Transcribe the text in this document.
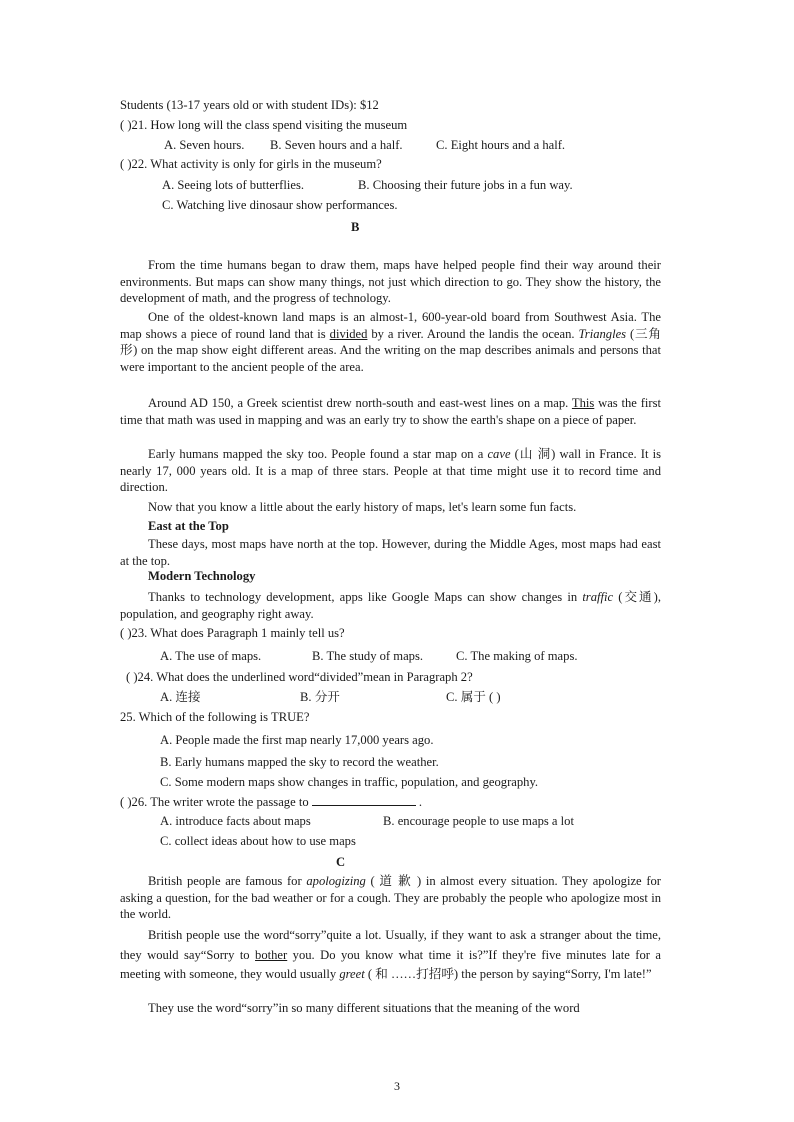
Students (13-17 years old or with student IDs): $12
( )21. How long will the class spend visiting the museum
A. Seven hours. B. Seven hours and a half.	C. Eight hours and a half.
( )22. What activity is only for girls in the museum?
A. Seeing lots of butterflies.	B. Choosing their future jobs in a fun way.
C. Watching live dinosaur show performances.
B
From the time humans began to draw them, maps have helped people find their way around their environments. But maps can show many things, not just which direction to go. They show the history, the development of math, and the progress of technology.
One of the oldest-known land maps is an almost-1, 600-year-old board from Southwest Asia. The map shows a piece of round land that is divided by a river. Around the landis the ocean. Triangles (三角形) on the map show eight different areas. And the writing on the map describes animals and persons that were important to the ancient people of the area.
Around AD 150, a Greek scientist drew north-south and east-west lines on a map. This was the first time that math was used in mapping and was an early try to show the earth's shape on a piece of paper.
Early humans mapped the sky too. People found a star map on a cave (山 洞) wall in France. It is nearly 17, 000 years old. It is a map of three stars. People at that time might use it to record time and direction.
Now that you know a little about the early history of maps, let's learn some fun facts.
East at the Top
These days, most maps have north at the top. However, during the Middle Ages, most maps had east at the top.
Modern Technology
Thanks to technology development, apps like Google Maps can show changes in traffic (交通), population, and geography right away.
( )23. What does Paragraph 1 mainly tell us?
A. The use of maps.	B. The study of maps.	C. The making of maps.
( )24. What does the underlined word“divided”mean in Paragraph 2?
A. 连接	B. 分开	C. 属于 ( )
25. Which of the following is TRUE?
A. People made the first map nearly 17,000 years ago.
B. Early humans mapped the sky to record the weather.
C. Some modern maps show changes in traffic, population, and geography.
( )26. The writer wrote the passage to	.
A. introduce facts about maps	B. encourage people to use maps a lot
C. collect ideas about how to use maps
C
British people are famous for apologizing ( 道 歉 ) in almost every situation. They apologize for asking a question, for the bad weather or for a cough. They are probably the people who apologize most in the world.
British people use the word“sorry”quite a lot. Usually, if they want to ask a stranger about the time, they would say“Sorry to bother you. Do you know what time it is?”If they're five minutes late for a meeting with someone, they would usually greet ( 和 ……打招呼) the person by saying“Sorry, I'm late!”
They use the word“sorry”in so many different situations that the meaning of the word
3
